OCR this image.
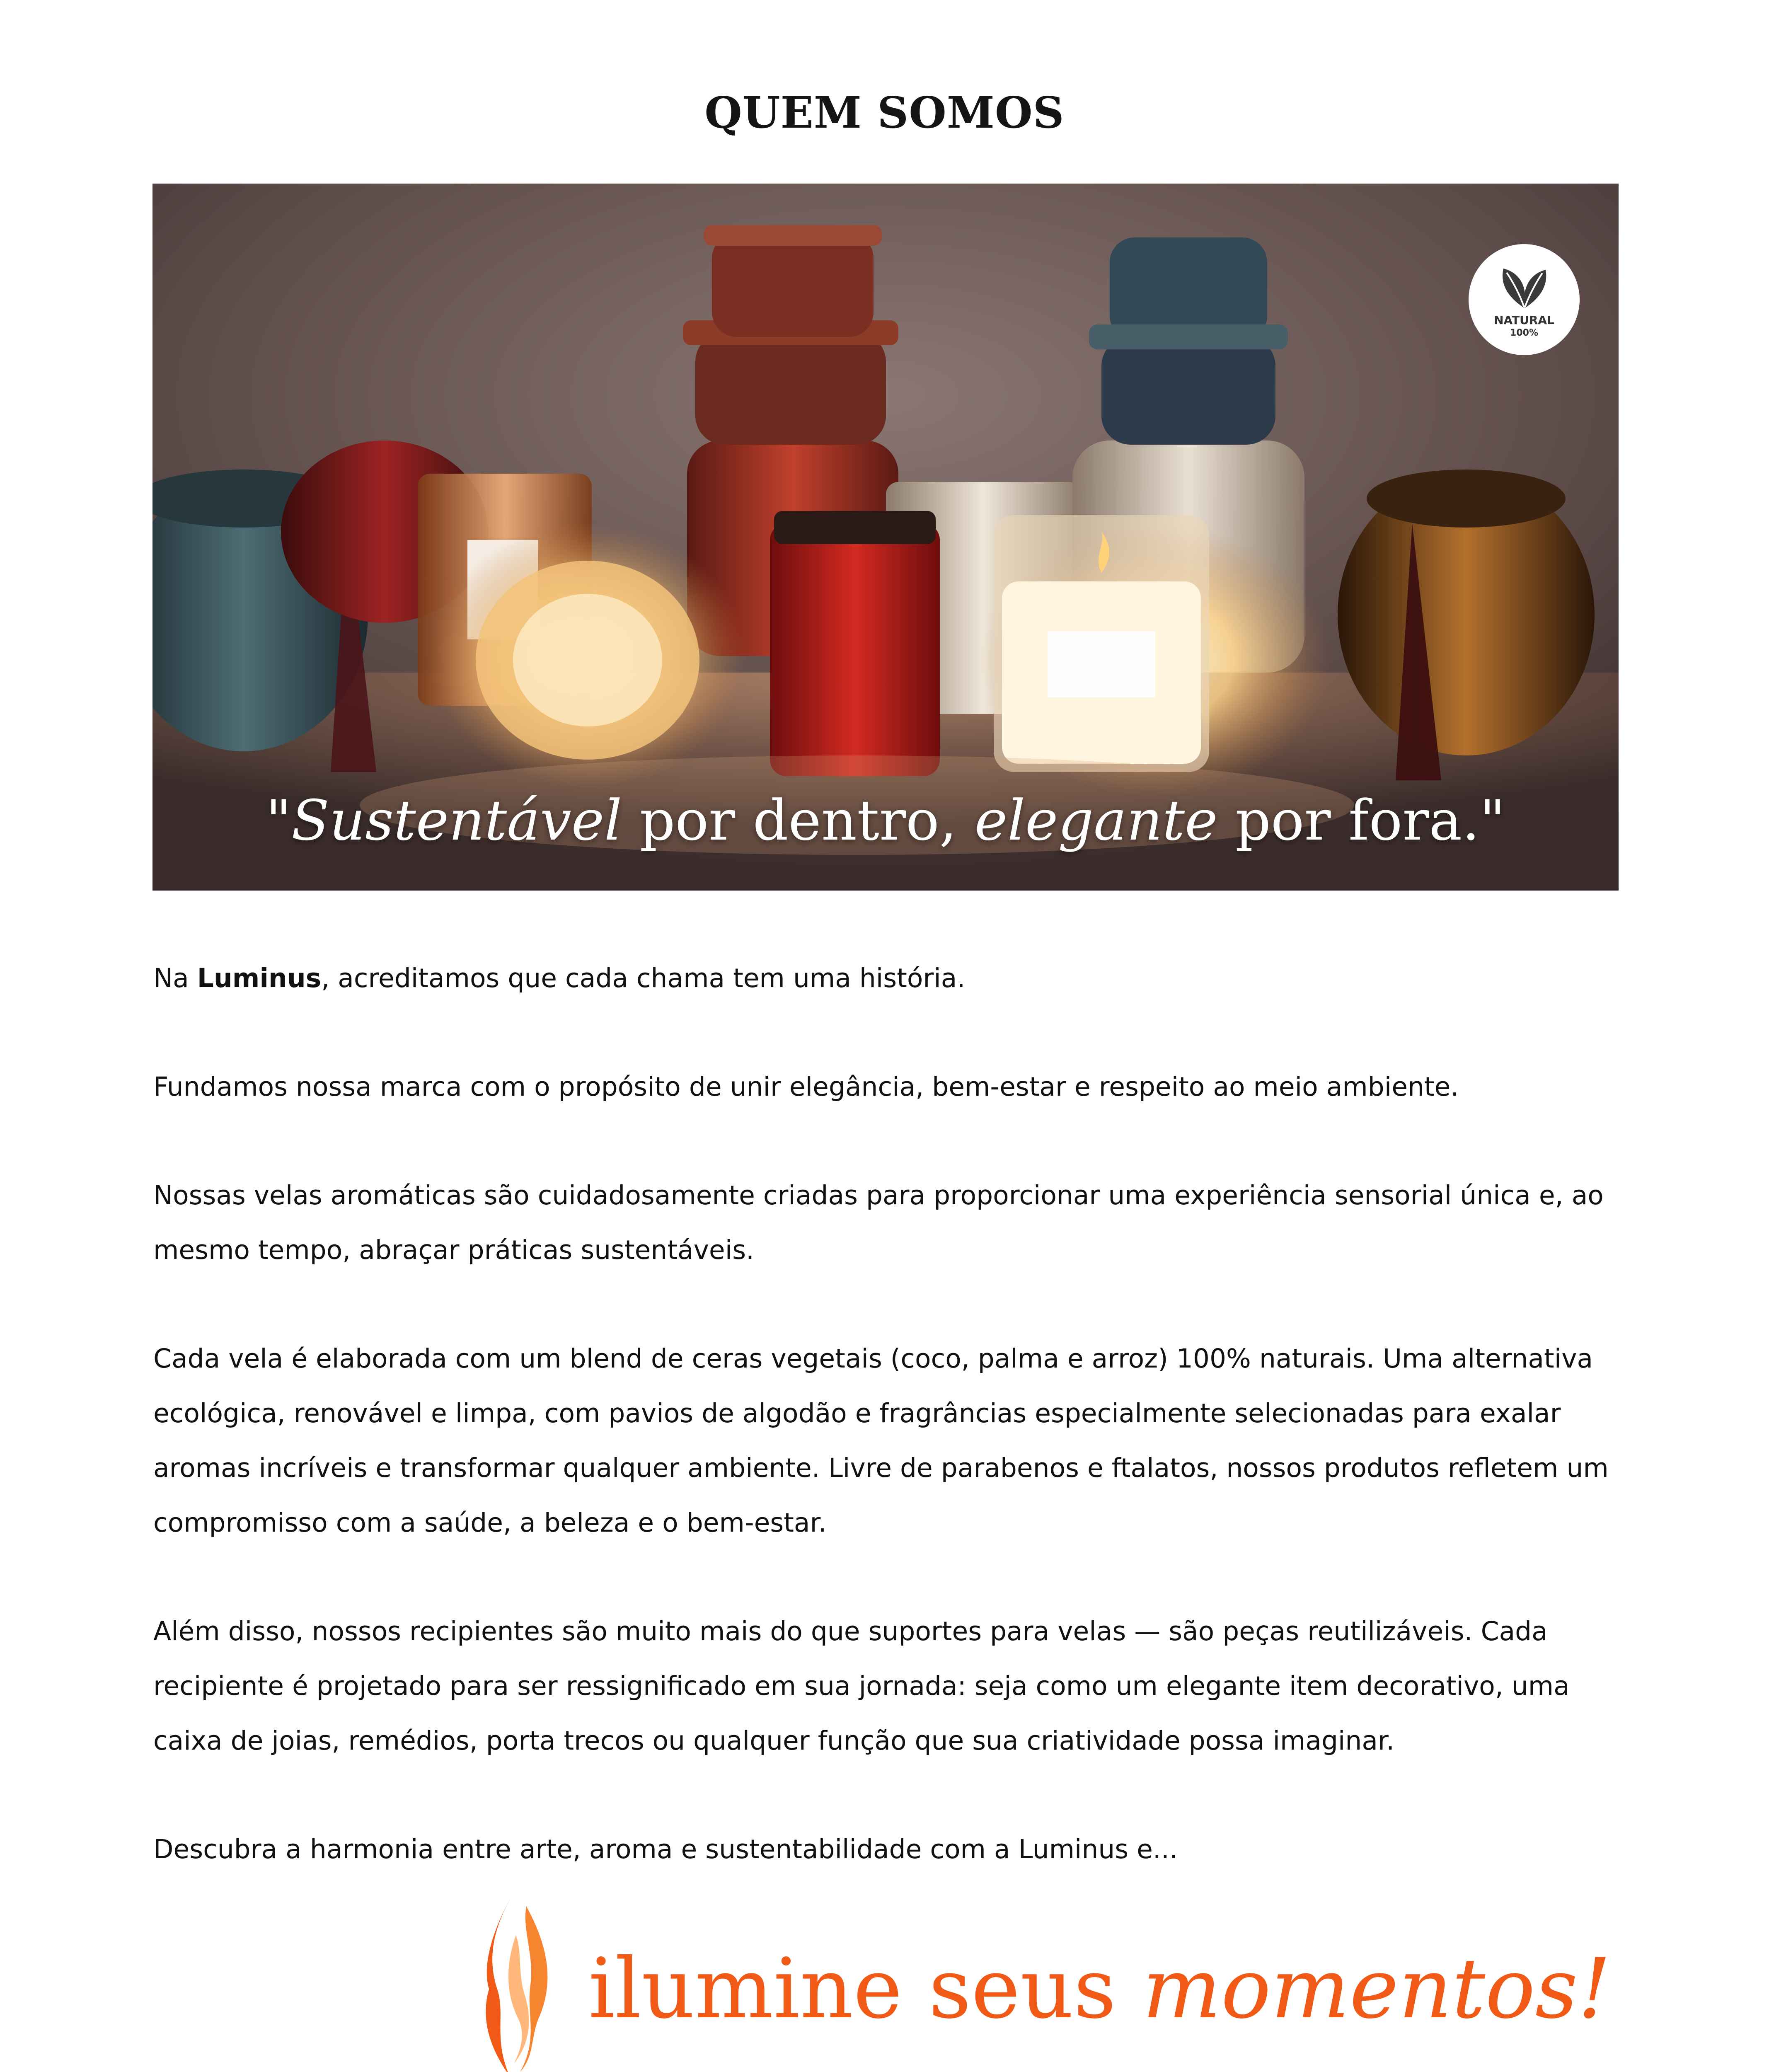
QUEM SOMOS
NATURAL
100%
"Sustentável por dentro, elegante por fora."

Na Luminus, acreditamos que cada chama tem uma história.

Fundamos nossa marca com o propósito de unir elegância, bem-estar e respeito ao meio ambiente.

Nossas velas aromáticas são cuidadosamente criadas para proporcionar uma experiência sensorial única e, ao mesmo tempo, abraçar práticas sustentáveis.

Cada vela é elaborada com um blend de ceras vegetais (coco, palma e arroz) 100% naturais. Uma alternativa ecológica, renovável e limpa, com pavios de algodão e fragrâncias especialmente selecionadas para exalar aromas incríveis e transformar qualquer ambiente. Livre de parabenos e ftalatos, nossos produtos refletem um compromisso com a saúde, a beleza e o bem-estar.

Além disso, nossos recipientes são muito mais do que suportes para velas — são peças reutilizáveis. Cada recipiente é projetado para ser ressignificado em sua jornada: seja como um elegante item decorativo, uma caixa de joias, remédios, porta trecos ou qualquer função que sua criatividade possa imaginar.

Descubra a harmonia entre arte, aroma e sustentabilidade com a Luminus e...

ilumine seus momentos!
